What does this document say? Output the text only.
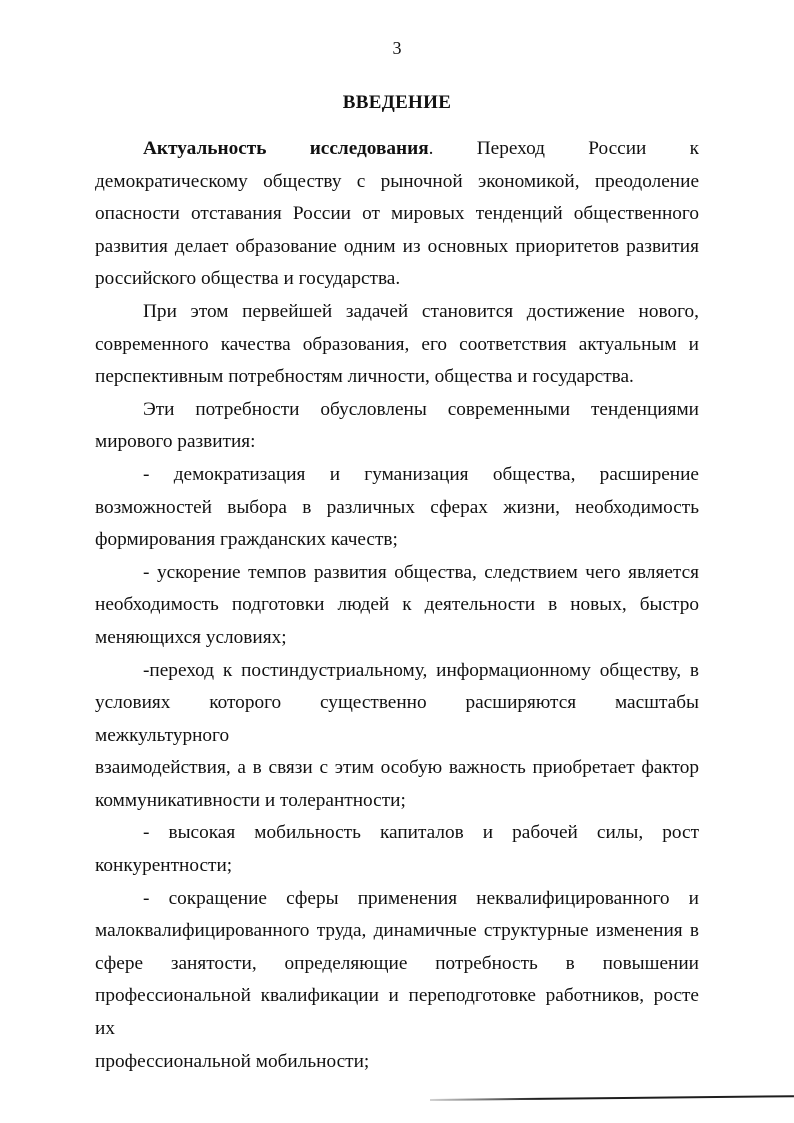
3
ВВЕДЕНИЕ

Актуальность исследования. Переход России к
демократическому обществу с рыночной экономикой, преодоление
опасности отставания России от мировых тенденций общественного
развития делает образование одним из основных приоритетов развития
российского общества и государства.

При этом первейшей задачей становится достижение нового,
современного качества образования, его соответствия актуальным и
перспективным потребностям личности, общества и государства.

Эти потребности обусловлены современными тенденциями
мирового развития:

- демократизация и гуманизация общества, расширение
возможностей выбора в различных сферах жизни, необходимость
формирования гражданских качеств;

- ускорение темпов развития общества, следствием чего является
необходимость подготовки людей к деятельности в новых, быстро
меняющихся условиях;

-переход к постиндустриальному, информационному обществу, в
условиях которого существенно расширяются масштабы межкультурного
взаимодействия, а в связи с этим особую важность приобретает фактор
коммуникативности и толерантности;

- высокая мобильность капиталов и рабочей силы, рост
конкурентности;

- сокращение сферы применения неквалифицированного и
малоквалифицированного труда, динамичные структурные изменения в
сфере занятости, определяющие потребность в повышении
профессиональной квалификации и переподготовке работников, росте их
профессиональной мобильности;
